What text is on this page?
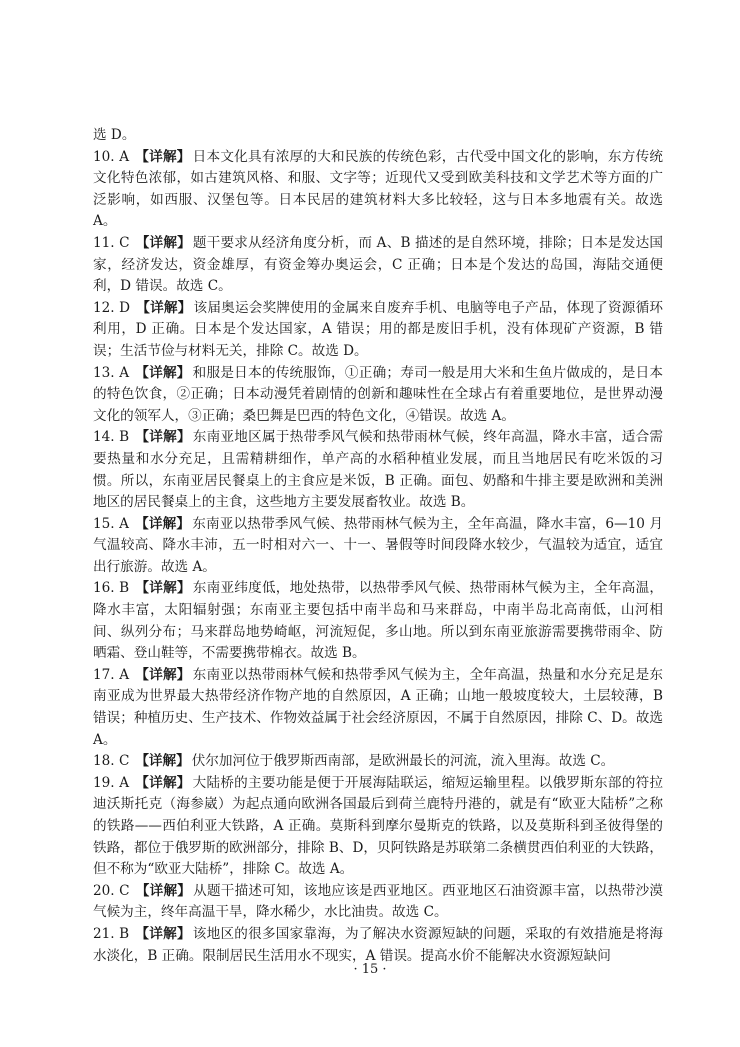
选 D。

10. A 【详解】 日本文化具有浓厚的大和民族的传统色彩，古代受中国文化的影响，东方传统文化特色浓郁，如古建筑风格、和服、文字等；近现代又受到欧美科技和文学艺术等方面的广泛影响，如西服、汉堡包等。日本民居的建筑材料大多比较轻，这与日本多地震有关。故选 A。

11. C 【详解】 题干要求从经济角度分析，而 A、B 描述的是自然环境，排除；日本是发达国家，经济发达，资金雄厚，有资金筹办奥运会，C 正确；日本是个发达的岛国，海陆交通便利，D 错误。故选 C。

12. D 【详解】 该届奥运会奖牌使用的金属来自废弃手机、电脑等电子产品，体现了资源循环利用，D 正确。日本是个发达国家，A 错误；用的都是废旧手机，没有体现矿产资源，B 错误；生活节俭与材料无关，排除 C。故选 D。

13. A 【详解】 和服是日本的传统服饰，①正确；寿司一般是用大米和生鱼片做成的，是日本的特色饮食，②正确；日本动漫凭着剧情的创新和趣味性在全球占有着重要地位，是世界动漫文化的领军人，③正确；桑巴舞是巴西的特色文化，④错误。故选 A。

14. B 【详解】 东南亚地区属于热带季风气候和热带雨林气候，终年高温，降水丰富，适合需要热量和水分充足，且需精耕细作，单产高的水稻种植业发展，而且当地居民有吃米饭的习惯。所以，东南亚居民餐桌上的主食应是米饭，B 正确。面包、奶酪和牛排主要是欧洲和美洲地区的居民餐桌上的主食，这些地方主要发展畜牧业。故选 B。

15. A 【详解】 东南亚以热带季风气候、热带雨林气候为主，全年高温，降水丰富，6—10 月气温较高、降水丰沛，五一时相对六一、十一、暑假等时间段降水较少，气温较为适宜，适宜出行旅游。故选 A。

16. B 【详解】 东南亚纬度低，地处热带，以热带季风气候、热带雨林气候为主，全年高温，降水丰富，太阳辐射强；东南亚主要包括中南半岛和马来群岛，中南半岛北高南低，山河相间、纵列分布；马来群岛地势崎岖，河流短促，多山地。所以到东南亚旅游需要携带雨伞、防晒霜、登山鞋等，不需要携带棉衣。故选 B。

17. A 【详解】 东南亚以热带雨林气候和热带季风气候为主，全年高温，热量和水分充足是东南亚成为世界最大热带经济作物产地的自然原因，A 正确；山地一般坡度较大，土层较薄，B 错误；种植历史、生产技术、作物效益属于社会经济原因，不属于自然原因，排除 C、D。故选 A。

18. C 【详解】 伏尔加河位于俄罗斯西南部，是欧洲最长的河流，流入里海。故选 C。

19. A 【详解】 大陆桥的主要功能是便于开展海陆联运，缩短运输里程。以俄罗斯东部的符拉迪沃斯托克（海参崴）为起点通向欧洲各国最后到荷兰鹿特丹港的，就是有“欧亚大陆桥”之称的铁路——西伯利亚大铁路，A 正确。莫斯科到摩尔曼斯克的铁路，以及莫斯科到圣彼得堡的铁路，都位于俄罗斯的欧洲部分，排除 B、D，贝阿铁路是苏联第二条横贯西伯利亚的大铁路，但不称为“欧亚大陆桥”，排除 C。故选 A。

20. C 【详解】 从题干描述可知，该地应该是西亚地区。西亚地区石油资源丰富，以热带沙漠气候为主，终年高温干旱，降水稀少，水比油贵。故选 C。

21. B 【详解】 该地区的很多国家靠海，为了解决水资源短缺的问题，采取的有效措施是将海水淡化，B 正确。限制居民生活用水不现实，A 错误。提高水价不能解决水资源短缺问

· 15 ·
